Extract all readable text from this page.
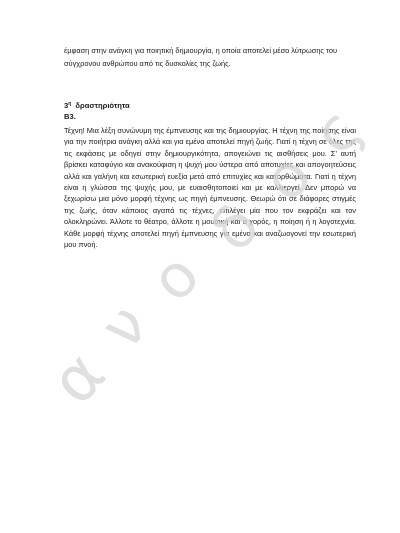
έμφαση στην ανάγκη για ποιητική δημιουργία, η οποία αποτελεί μέσο λύτρωσης του σύγχρονου ανθρώπου από τις δυσκολίες της ζωής.

$3^\eta$ δραστηριότητα

Β3.

Τέχνη! Μια λέξη συνώνυμη της έμπνευσης και της δημιουργίας. Η τέχνη της ποίησης είναι για την ποιήτρια ανάγκη αλλά και για εμένα αποτελεί πηγή ζωής. Γιατί η τέχνη σε όλες της τις εκφάσεις με οδηγεί στην δημιουργικότητα, απογειώνει τις αισθήσεις μου. Σ’ αυτή βρίσκει καταφύγιο και ανακούφιση η ψυχή μου ύστερα από αποτυχίες και απογοητεύσεις αλλά και γαλήνη και εσωτερική ευεξία μετά από επιτυχίες και κατορθώματα. Γιατί η τέχνη είναι η γλώσσα της ψυχής μου, με ευαισθητοποιεί και με καλλιεργεί. Δεν μπορώ να ξεχωρίσω μια μόνο μορφή τέχνης ως πηγή έμπνευσης. Θεωρώ ότι σε διάφορες στιγμές της ζωής, όταν κάποιος αγαπά τις τέχνες, επιλέγει μία που τον εκφράζει και τον ολοκληρώνει. Άλλοτε το θέατρο, άλλοτε η μουσική και ο χορός, η ποίηση ή η λογοτεχνία. Κάθε μορφή τέχνης αποτελεί πηγή έμπνευσης για εμένα και αναζωογονεί την εσωτερική μου πνοή.

α
ν
ο
δ
ο
ς
